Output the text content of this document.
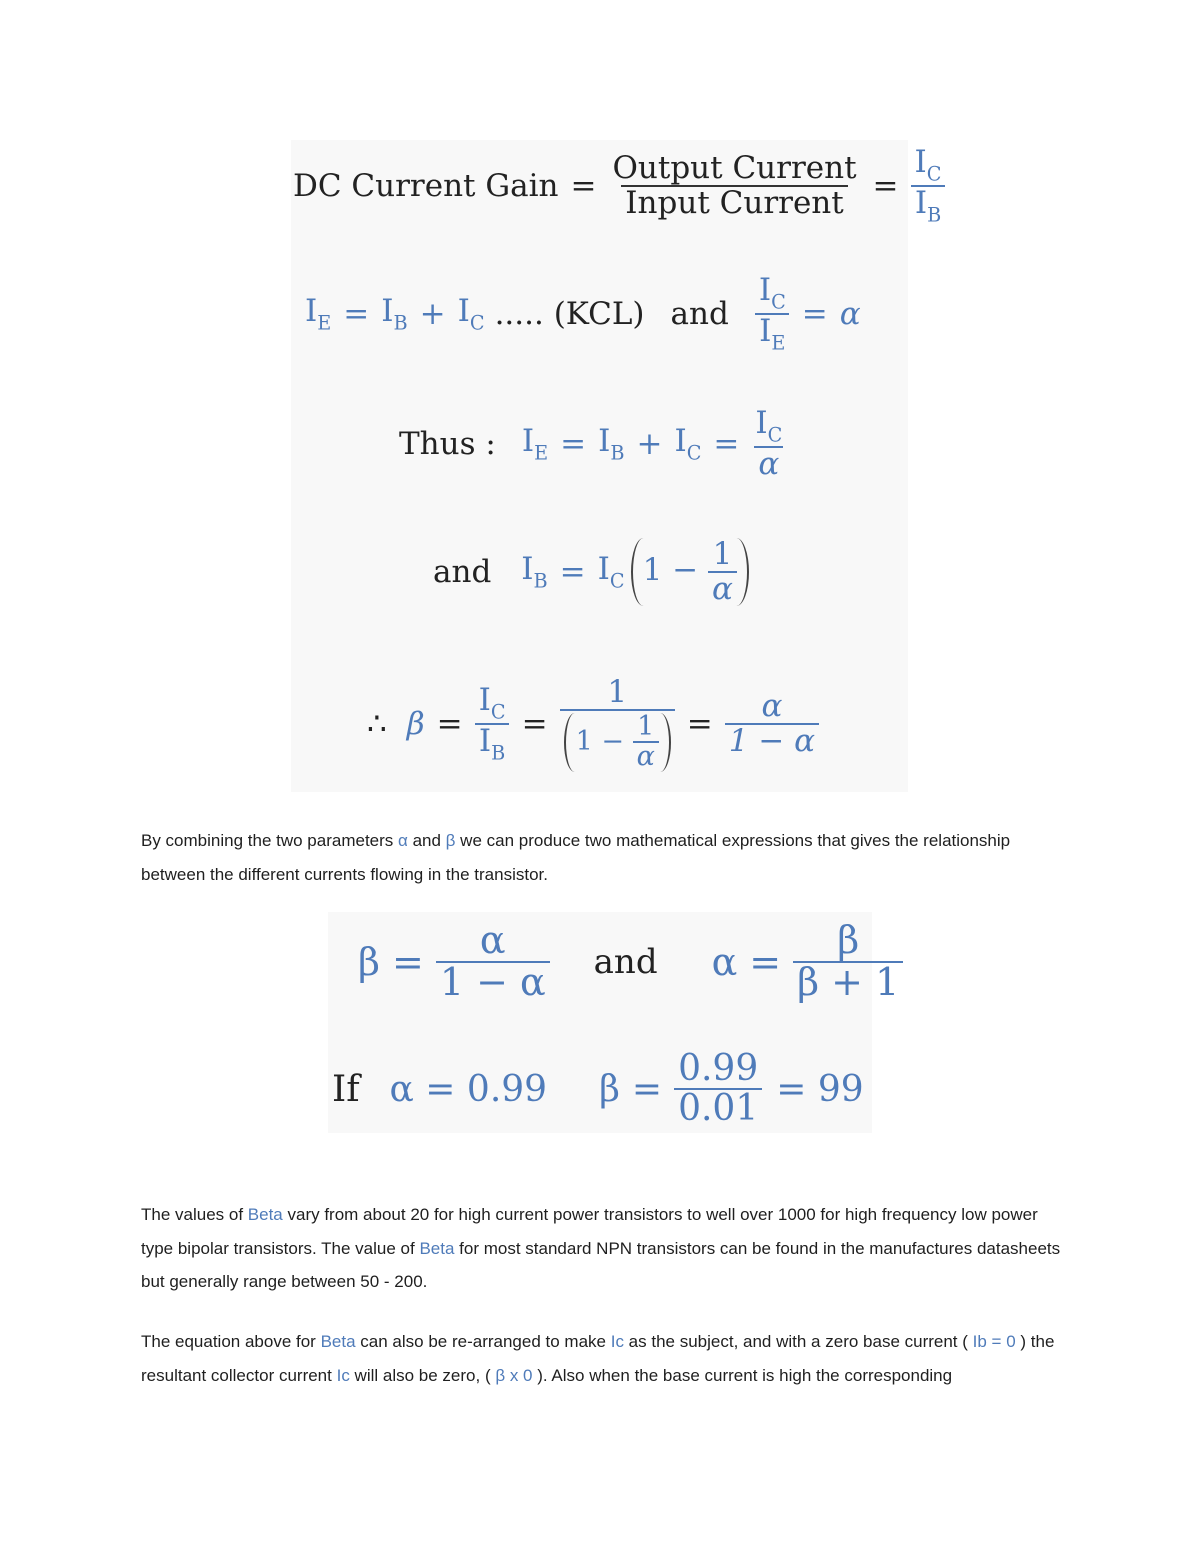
DC Current Gain = $\frac{\text{Output Current}}{\text{Input Current}} = \frac{I_C}{I_B}$
$I_E = I_B + I_C$ ..... (KCL) and $\frac{I_C}{I_E} = \alpha$
Thus : $I_E = I_B + I_C = \frac{I_C}{\alpha}$
and $I_B = I_C$ $1 - \frac{1}{\alpha}$
∴ $\beta = \frac{I_C}{I_B} = \frac{1}{1 - \frac{1}{\alpha}} = \frac{\alpha}{1 - \alpha}$
By combining the two parameters α and β we can produce two mathematical expressions that gives the relationship between the different currents flowing in the transistor.
$\beta = \frac{\alpha}{1 - \alpha}$ and $\alpha = \frac{\beta}{\beta + 1}$
If α = 0.99 $\beta = \frac{0.99}{0.01} = 99$
The values of Beta vary from about 20 for high current power transistors to well over 1000 for high frequency low power type bipolar transistors. The value of Beta for most standard NPN transistors can be found in the manufactures datasheets but generally range between 50 - 200.
The equation above for Beta can also be re-arranged to make Ic as the subject, and with a zero base current ( Ib = 0 ) the resultant collector current Ic will also be zero, ( β x 0 ). Also when the base current is high the corresponding
